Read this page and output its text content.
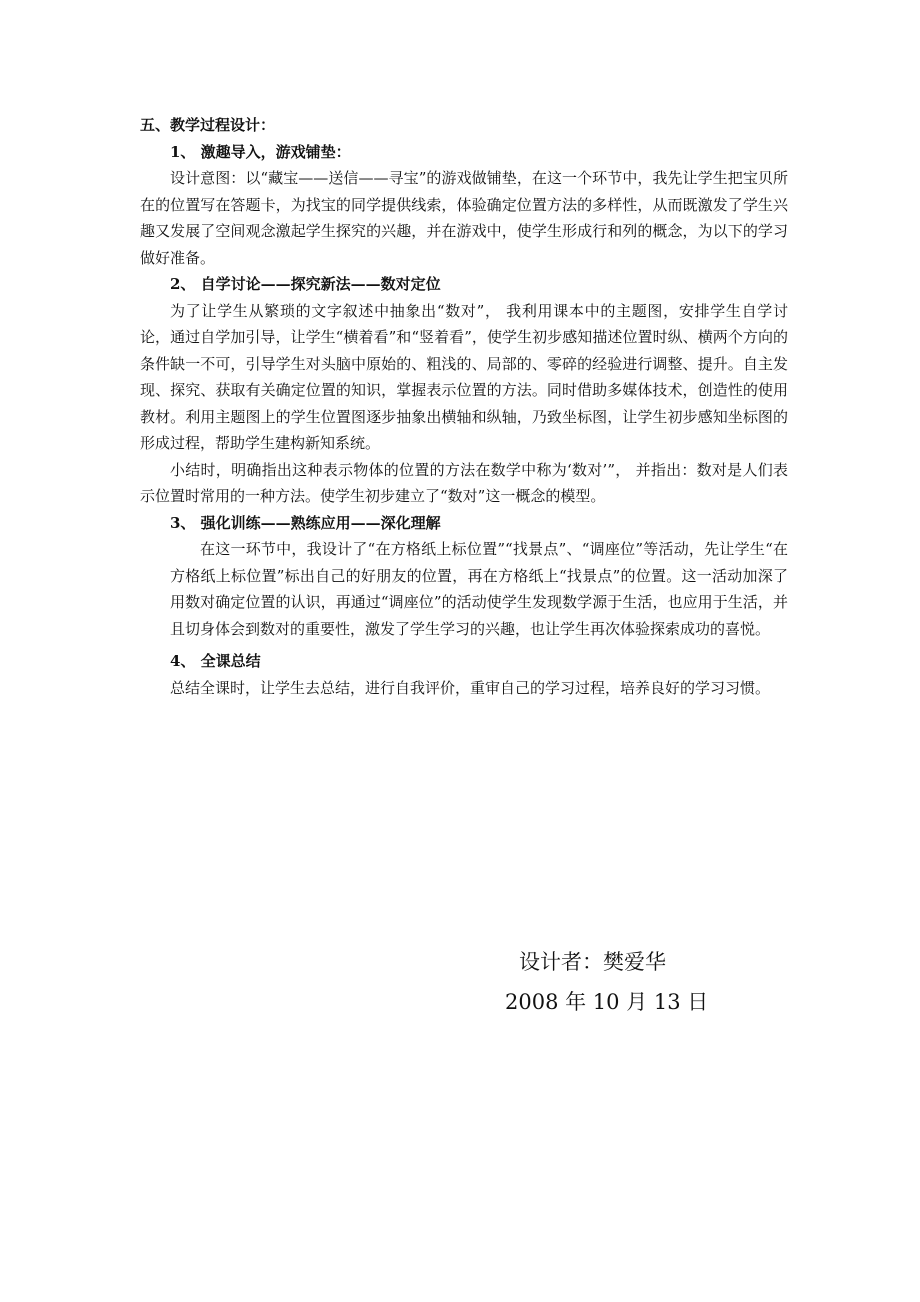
五、教学过程设计：

1、 激趣导入，游戏铺垫：

设计意图：以“藏宝——送信——寻宝”的游戏做铺垫，在这一个环节中，我先让学生把宝贝所在的位置写在答题卡，为找宝的同学提供线索，体验确定位置方法的多样性，从而既激发了学生兴趣又发展了空间观念激起学生探究的兴趣，并在游戏中，使学生形成行和列的概念，为以下的学习做好准备。

2、 自学讨论——探究新法——数对定位

为了让学生从繁琐的文字叙述中抽象出“数对”， 我利用课本中的主题图，安排学生自学讨论，通过自学加引导，让学生“横着看”和“竖着看”，使学生初步感知描述位置时纵、横两个方向的条件缺一不可，引导学生对头脑中原始的、粗浅的、局部的、零碎的经验进行调整、提升。自主发现、探究、获取有关确定位置的知识，掌握表示位置的方法。同时借助多媒体技术，创造性的使用教材。利用主题图上的学生位置图逐步抽象出横轴和纵轴，乃致坐标图，让学生初步感知坐标图的形成过程，帮助学生建构新知系统。

小结时，明确指出这种表示物体的位置的方法在数学中称为‘数对’”， 并指出：数对是人们表示位置时常用的一种方法。使学生初步建立了“数对”这一概念的模型。

3、 强化训练——熟练应用——深化理解

在这一环节中，我设计了“在方格纸上标位置”“找景点”、“调座位”等活动，先让学生“在方格纸上标位置”标出自己的好朋友的位置，再在方格纸上“找景点”的位置。这一活动加深了用数对确定位置的认识，再通过“调座位”的活动使学生发现数学源于生活，也应用于生活，并且切身体会到数对的重要性，激发了学生学习的兴趣，也让学生再次体验探索成功的喜悦。

4、 全课总结

总结全课时，让学生去总结，进行自我评价，重审自己的学习过程，培养良好的学习习惯。

设计者：樊爱华

2008 年 10 月 13 日
